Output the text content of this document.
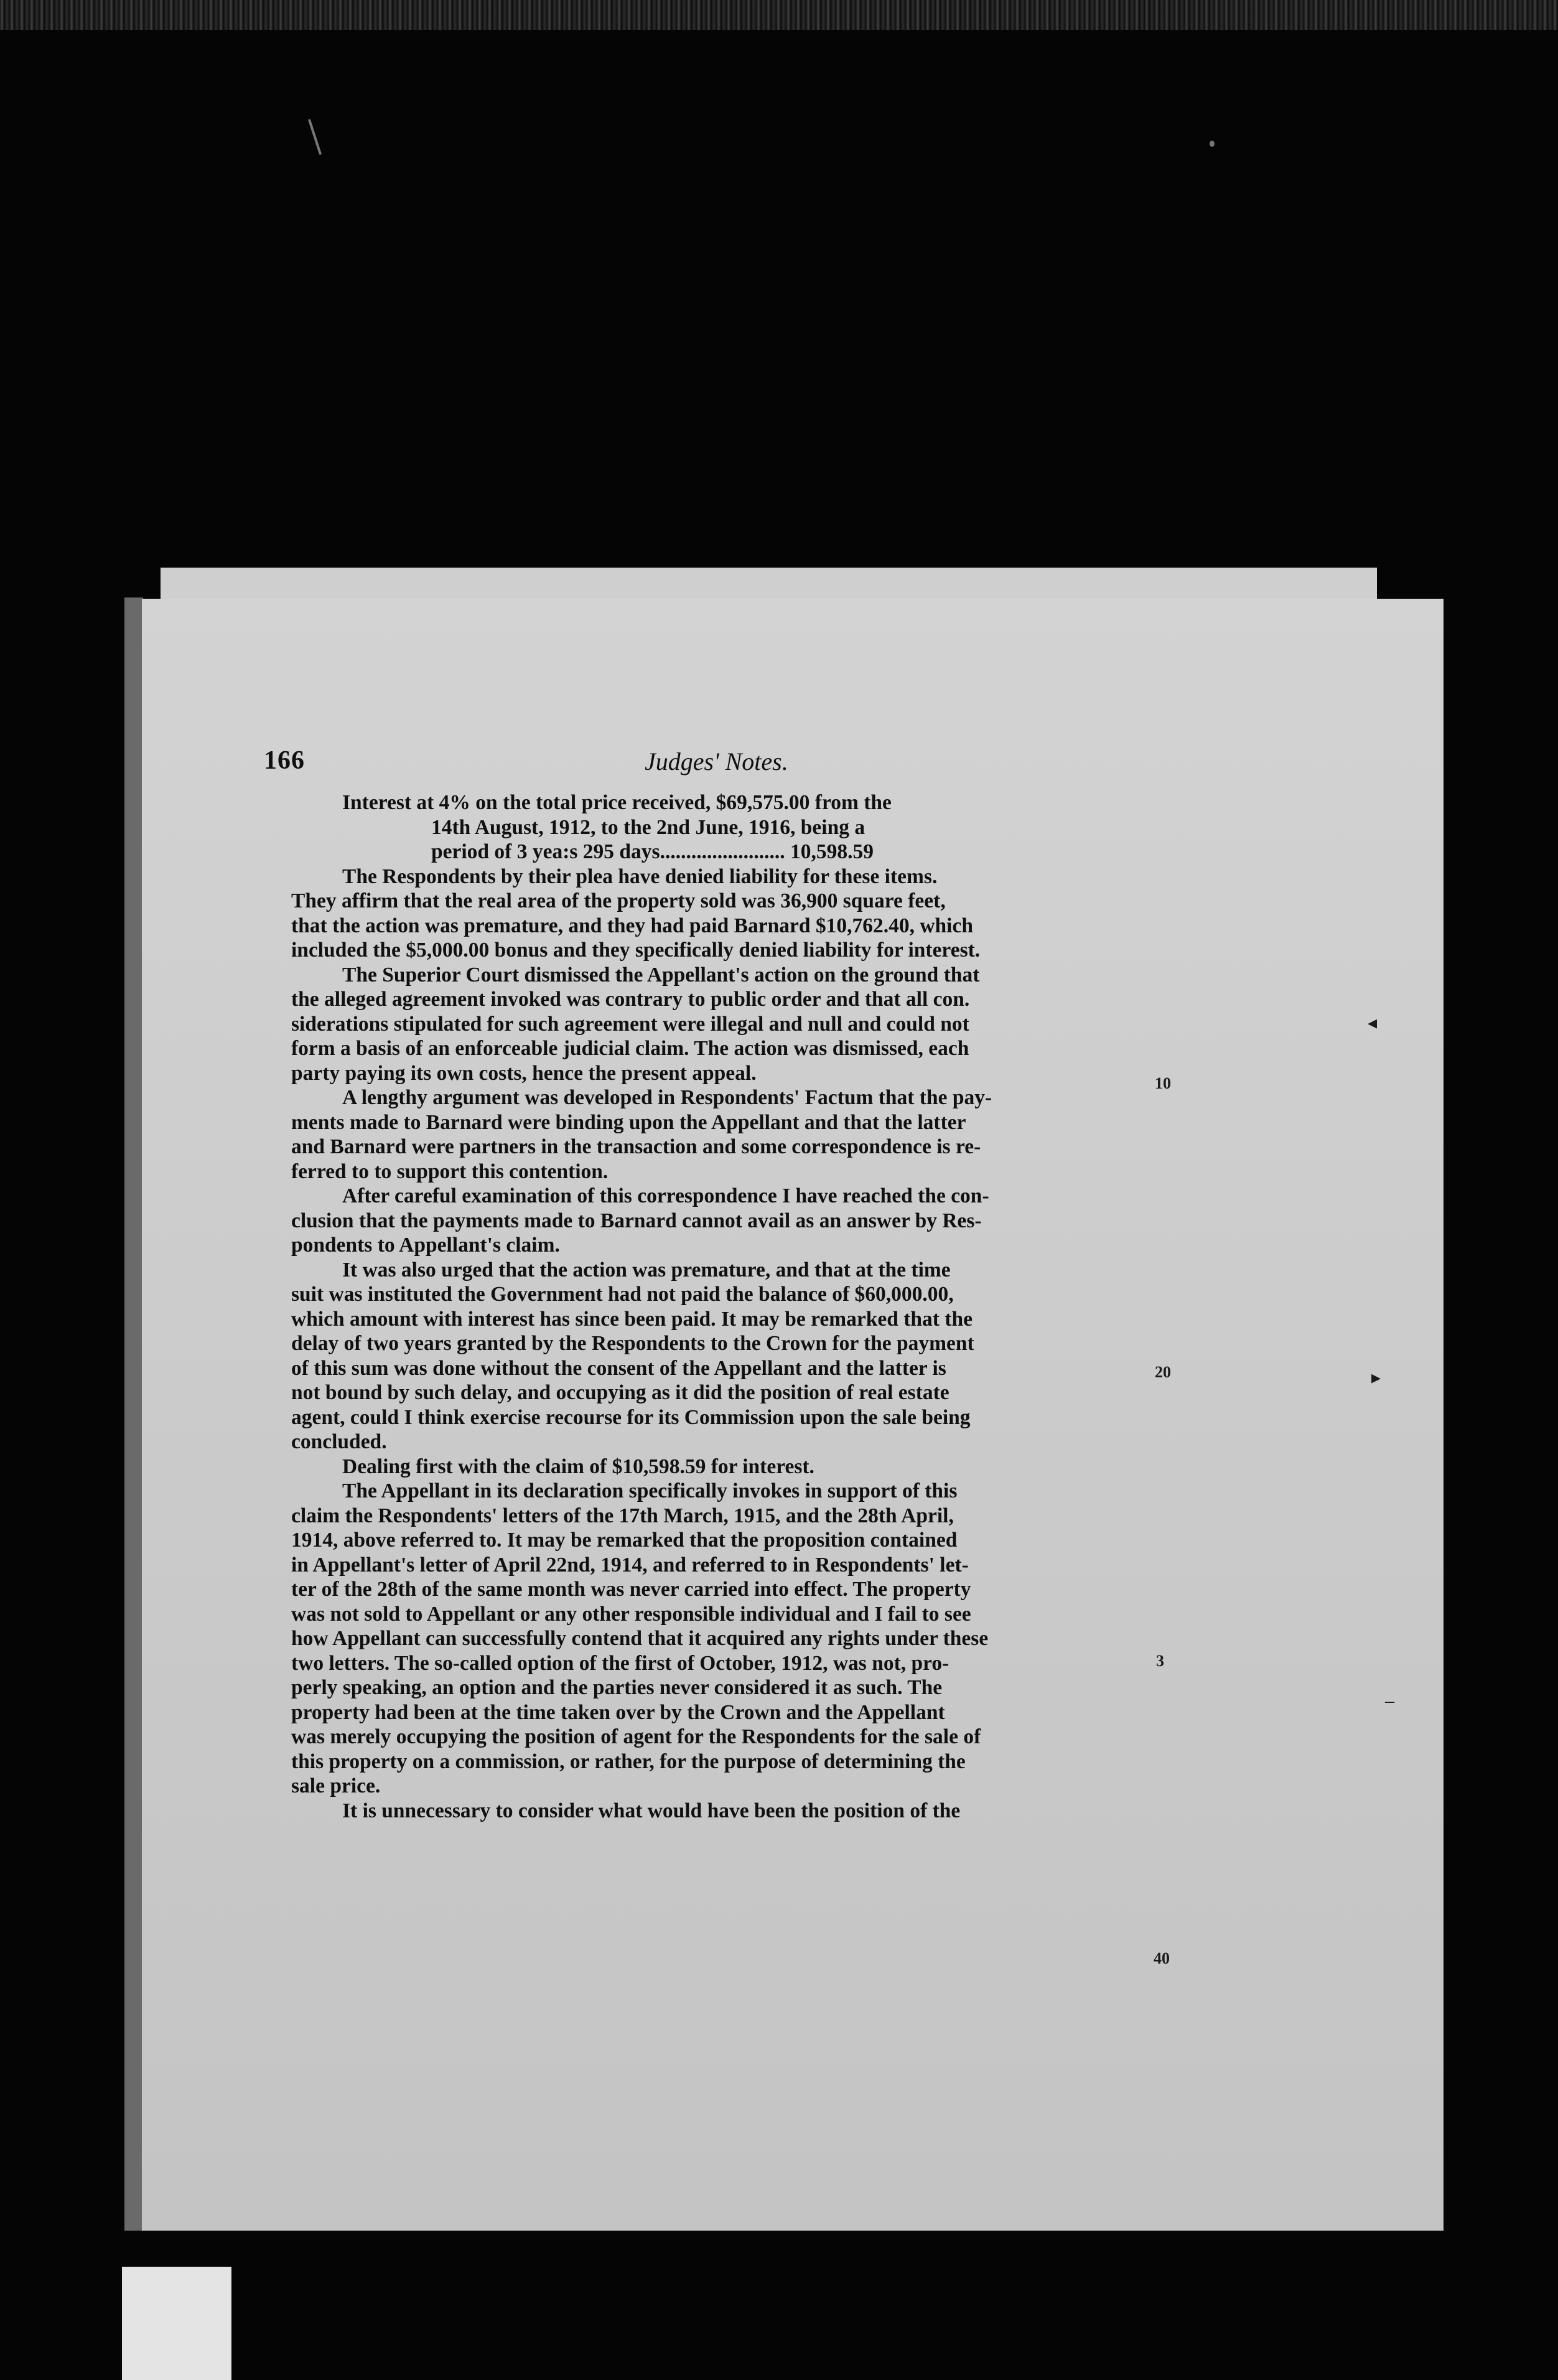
166	Judges' Notes.
Interest at 4% on the total price received, $69,575.00 from the
14th August, 1912, to the 2nd June, 1916, being a
period of 3 yea:s 295 days........................ 10,598.59
The Respondents by their plea have denied liability for these items.
They affirm that the real area of the property sold was 36,900 square feet,
that the action was premature, and they had paid Barnard $10,762.40, which
included the $5,000.00 bonus and they specifically denied liability for interest.
The Superior Court dismissed the Appellant's action on the ground that
the alleged agreement invoked was contrary to public order and that all con.
siderations stipulated for such agreement were illegal and null and could not
form a basis of an enforceable judicial claim. The action was dismissed, each
party paying its own costs, hence the present appeal.
A lengthy argument was developed in Respondents' Factum that the pay-
ments made to Barnard were binding upon the Appellant and that the latter
and Barnard were partners in the transaction and some correspondence is re-
ferred to to support this contention.
After careful examination of this correspondence I have reached the con-
clusion that the payments made to Barnard cannot avail as an answer by Res-
pondents to Appellant's claim.
It was also urged that the action was premature, and that at the time
suit was instituted the Government had not paid the balance of $60,000.00,
which amount with interest has since been paid. It may be remarked that the
delay of two years granted by the Respondents to the Crown for the payment
of this sum was done without the consent of the Appellant and the latter is
not bound by such delay, and occupying as it did the position of real estate
agent, could I think exercise recourse for its Commission upon the sale being
concluded.
Dealing first with the claim of $10,598.59 for interest.
The Appellant in its declaration specifically invokes in support of this
claim the Respondents' letters of the 17th March, 1915, and the 28th April,
1914, above referred to. It may be remarked that the proposition contained
in Appellant's letter of April 22nd, 1914, and referred to in Respondents' let-
ter of the 28th of the same month was never carried into effect. The property
was not sold to Appellant or any other responsible individual and I fail to see
how Appellant can successfully contend that it acquired any rights under these
two letters. The so-called option of the first of October, 1912, was not, pro-
perly speaking, an option and the parties never considered it as such. The
property had been at the time taken over by the Crown and the Appellant
was merely occupying the position of agent for the Respondents for the sale of
this property on a commission, or rather, for the purpose of determining the
sale price.
It is unnecessary to consider what would have been the position of the
10
20
3
40
◂
▸
–
